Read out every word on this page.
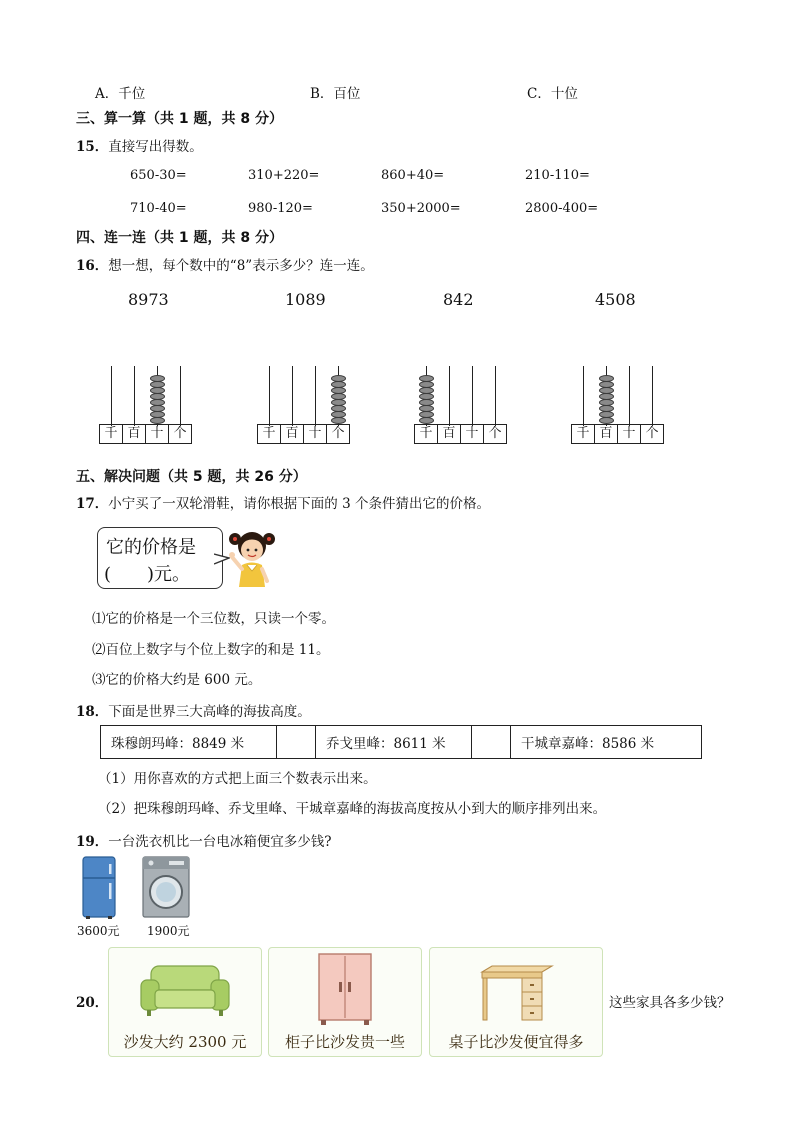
A．千位	B．百位	C．十位
三、算一算（共 1 题，共 8 分）
15．直接写出得数。
650-30=	310+220=	860+40=	210-110=
710-40=	980-120=	350+2000=	2800-400=
四、连一连（共 1 题，共 8 分）
16．想一想，每个数中的“8”表示多少？连一连。
8973	1089	842	4508
千 百 十 个	千 百 十 个	千 百 十 个	千 百 十 个
五、解决问题（共 5 题，共 26 分）
17．小宁买了一双轮滑鞋，请你根据下面的 3 个条件猜出它的价格。
它的价格是
(　　)元。
⑴它的价格是一个三位数，只读一个零。
⑵百位上数字与个位上数字的和是 11。
⑶它的价格大约是 600 元。
18．下面是世界三大高峰的海拔高度。
珠穆朗玛峰：8849 米		乔戈里峰：8611 米		干城章嘉峰：8586 米
（1）用你喜欢的方式把上面三个数表示出来。
（2）把珠穆朗玛峰、乔戈里峰、干城章嘉峰的海拔高度按从小到大的顺序排列出来。
19．一台洗衣机比一台电冰箱便宜多少钱?
3600元 1900元
20．
沙发大约 2300 元	柜子比沙发贵一些	桌子比沙发便宜得多
这些家具各多少钱？
